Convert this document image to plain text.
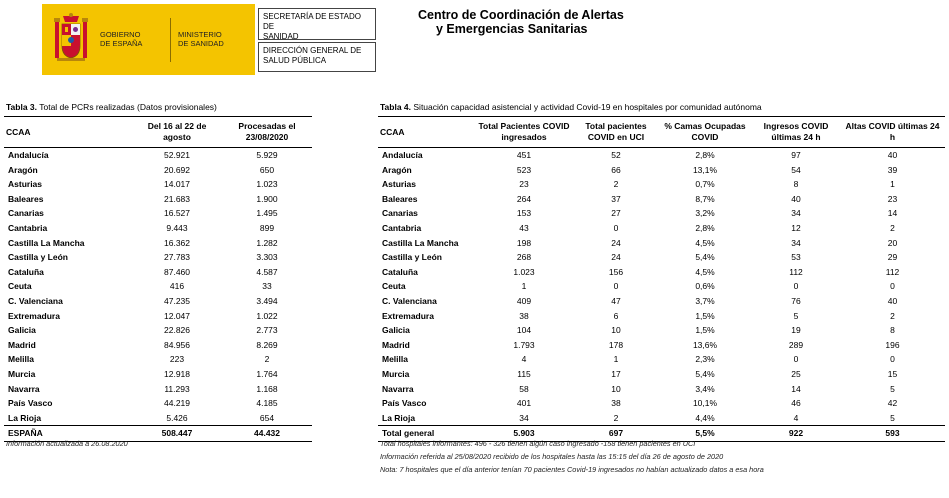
GOBIERNO
DE ESPAÑA
MINISTERIO
DE SANIDAD
SECRETARÍA DE ESTADO DE
SANIDAD
DIRECCIÓN GENERAL DE
SALUD PÚBLICA
Centro de Coordinación de Alertas
y Emergencias Sanitarias
Tabla 3. Total de PCRs realizadas (Datos provisionales)
CCAA	Del 16 al 22 de agosto	Procesadas el 23/08/2020
Andalucía	52.921	5.929
Aragón	20.692	650
Asturias	14.017	1.023
Baleares	21.683	1.900
Canarias	16.527	1.495
Cantabria	9.443	899
Castilla La Mancha	16.362	1.282
Castilla y León	27.783	3.303
Cataluña	87.460	4.587
Ceuta	416	33
C. Valenciana	47.235	3.494
Extremadura	12.047	1.022
Galicia	22.826	2.773
Madrid	84.956	8.269
Melilla	223	2
Murcia	12.918	1.764
Navarra	11.293	1.168
País Vasco	44.219	4.185
La Rioja	5.426	654
ESPAÑA	508.447	44.432
Información actualizada a 26.08.2020
Tabla 4. Situación capacidad asistencial y actividad Covid-19 en hospitales por comunidad autónoma
CCAA	Total Pacientes COVID ingresados	Total pacientes COVID en UCI	% Camas Ocupadas COVID	Ingresos COVID últimas 24 h	Altas COVID últimas 24 h
Andalucía	451	52	2,8%	97	40
Aragón	523	66	13,1%	54	39
Asturias	23	2	0,7%	8	1
Baleares	264	37	8,7%	40	23
Canarias	153	27	3,2%	34	14
Cantabria	43	0	2,8%	12	2
Castilla La Mancha	198	24	4,5%	34	20
Castilla y León	268	24	5,4%	53	29
Cataluña	1.023	156	4,5%	112	112
Ceuta	1	0	0,6%	0	0
C. Valenciana	409	47	3,7%	76	40
Extremadura	38	6	1,5%	5	2
Galicia	104	10	1,5%	19	8
Madrid	1.793	178	13,6%	289	196
Melilla	4	1	2,3%	0	0
Murcia	115	17	5,4%	25	15
Navarra	58	10	3,4%	14	5
País Vasco	401	38	10,1%	46	42
La Rioja	34	2	4,4%	4	5
Total general	5.903	697	5,5%	922	593
Total hospitales informantes: 496 - 326 tienen algún caso ingresado -158 tienen pacientes en UCI
Información referida al 25/08/2020 recibido de los hospitales hasta las 15:15 del día 26 de agosto de 2020
Nota: 7 hospitales que el día anterior tenían 70 pacientes Covid-19 ingresados no habían actualizado datos a esa hora
